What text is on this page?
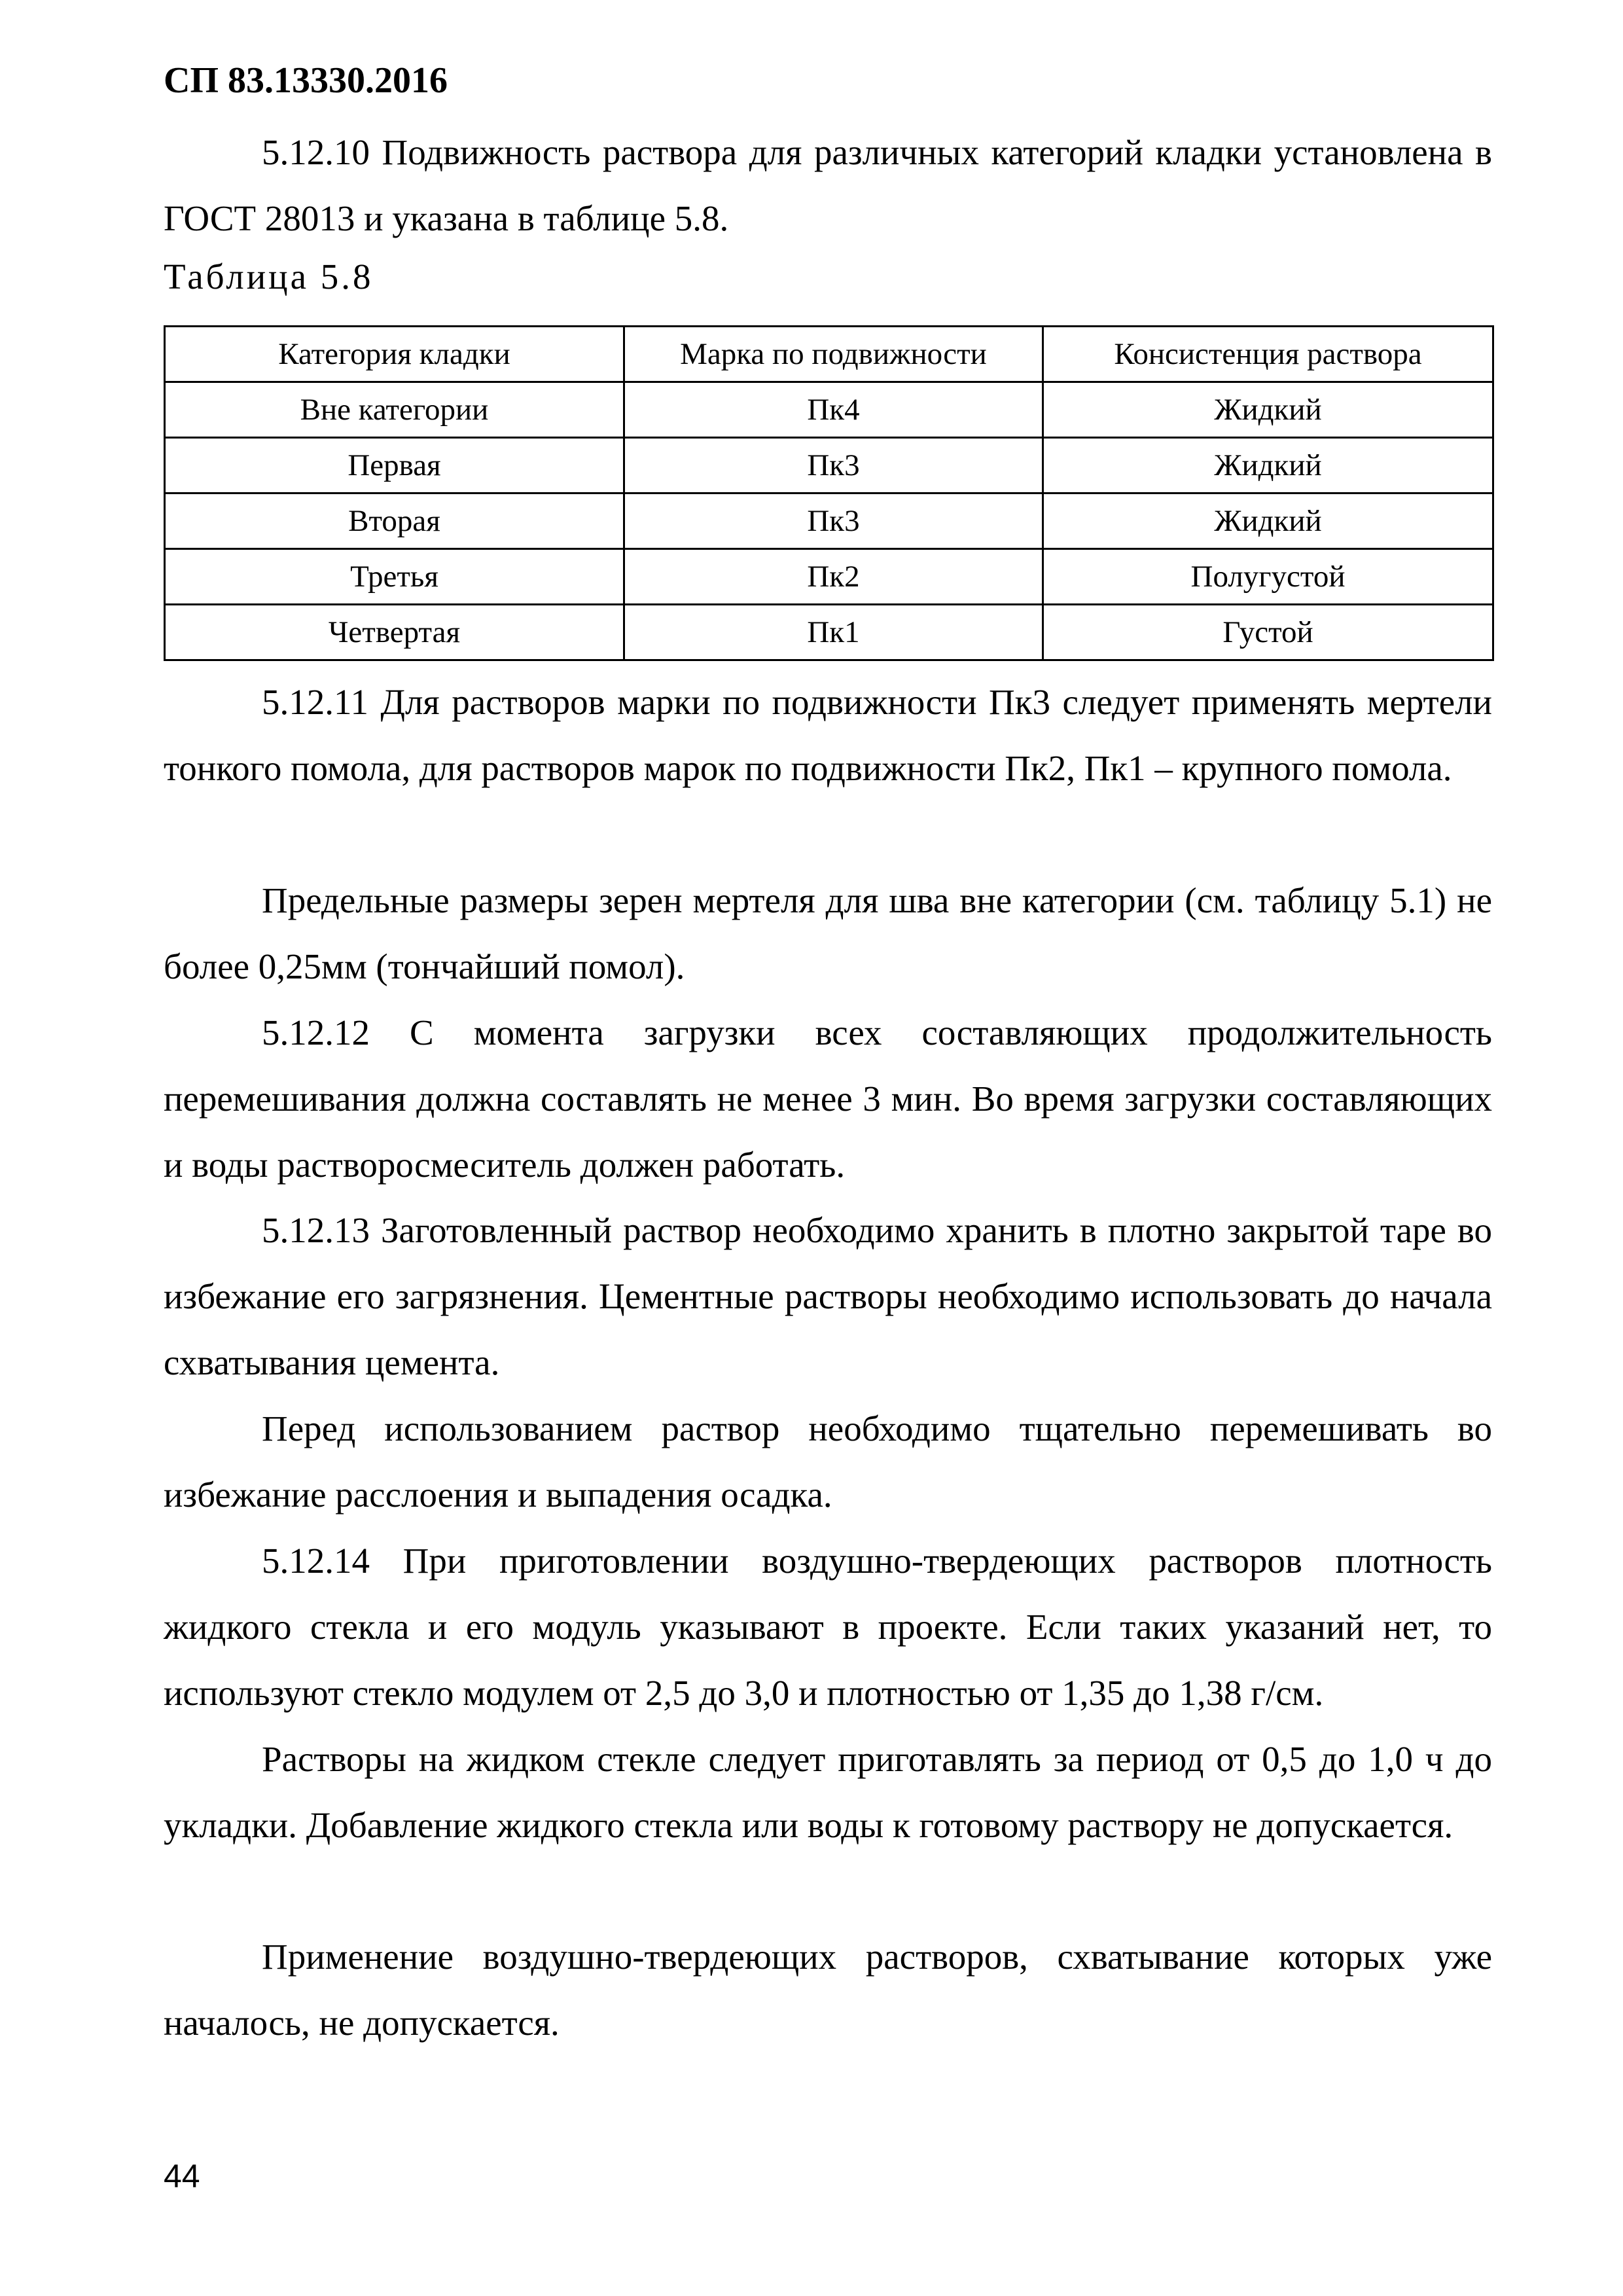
СП 83.13330.2016

5.12.10 Подвижность раствора для различных категорий кладки установлена в ГОСТ 28013 и указана в таблице 5.8.

Таблица 5.8
Категория кладки	Марка по подвижности	Консистенция раствора
Вне категории	Пк4	Жидкий
Первая	Пк3	Жидкий
Вторая	Пк3	Жидкий
Третья	Пк2	Полугустой
Четвертая	Пк1	Густой

5.12.11 Для растворов марки по подвижности Пк3 следует применять мертели тонкого помола, для растворов марок по подвижности Пк2, Пк1 – крупного помола.

Предельные размеры зерен мертеля для шва вне категории (см. таблицу 5.1) не более 0,25мм (тончайший помол).

5.12.12 С момента загрузки всех составляющих продолжительность перемешивания должна составлять не менее 3 мин. Во время загрузки составляющих и воды растворосмеситель должен работать.

5.12.13 Заготовленный раствор необходимо хранить в плотно закрытой таре во избежание его загрязнения. Цементные растворы необходимо использовать до начала схватывания цемента.

Перед использованием раствор необходимо тщательно перемешивать во избежание расслоения и выпадения осадка.

5.12.14 При приготовлении воздушно-твердеющих растворов плотность жидкого стекла и его модуль указывают в проекте. Если таких указаний нет, то используют стекло модулем от 2,5 до 3,0 и плотностью от 1,35 до 1,38 г/см.

Растворы на жидком стекле следует приготавлять за период от 0,5 до 1,0 ч до укладки. Добавление жидкого стекла или воды к готовому раствору не допускается.

Применение воздушно-твердеющих растворов, схватывание которых уже началось, не допускается.

44
